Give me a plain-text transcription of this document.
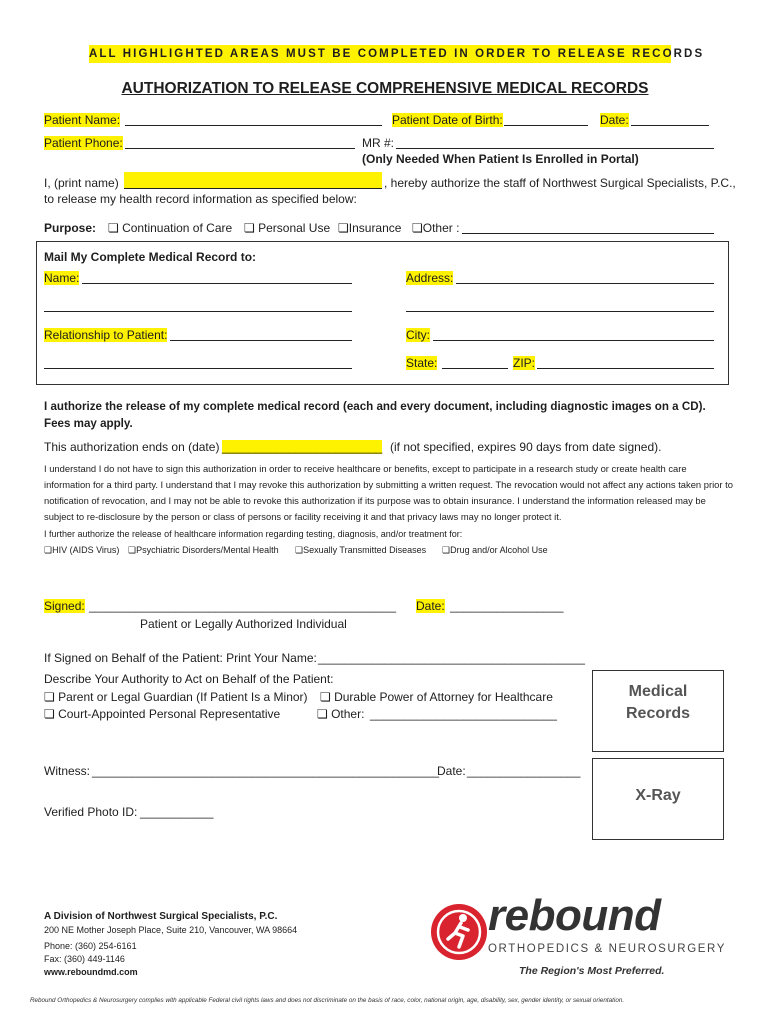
ALL HIGHLIGHTED AREAS MUST BE COMPLETED IN ORDER TO RELEASE RECORDS
AUTHORIZATION TO RELEASE COMPREHENSIVE MEDICAL RECORDS
Patient Name:	Patient Date of Birth:	Date:
Patient Phone:	MR #:
(Only Needed When Patient Is Enrolled in Portal)
I, (print name)	, hereby authorize the staff of Northwest Surgical Specialists, P.C.,
to release my health record information as specified below:
Purpose: ❏ Continuation of Care ❏ Personal Use ❏Insurance ❏Other :
Mail My Complete Medical Record to:
Name:	Address:
Relationship to Patient:	City:
State:	ZIP:
I authorize the release of my complete medical record (each and every document, including diagnostic images on a CD). Fees may apply.
This authorization ends on (date) ________________________ (if not specified, expires 90 days from date signed).
I understand I do not have to sign this authorization in order to receive healthcare or benefits, except to participate in a research study or create health care information for a third party. I understand that I may revoke this authorization by submitting a written request. The revocation would not affect any actions taken prior to notification of revocation, and I may not be able to revoke this authorization if its purpose was to obtain insurance. I understand the information released may be subject to re-disclosure by the person or class of persons or facility receiving it and that privacy laws may no longer protect it.
I further authorize the release of healthcare information regarding testing, diagnosis, and/or treatment for:
❏HIV (AIDS Virus) ❏Psychiatric Disorders/Mental Health ❏Sexually Transmitted Diseases ❏Drug and/or Alcohol Use
Signed: ______________________________________________ Date: _________________
Patient or Legally Authorized Individual
If Signed on Behalf of the Patient: Print Your Name: ________________________________________
Describe Your Authority to Act on Behalf of the Patient:
❏ Parent or Legal Guardian (If Patient Is a Minor) ❏ Durable Power of Attorney for Healthcare
❏ Court-Appointed Personal Representative	❏ Other: ____________________________
Witness: ____________________________________________________
Date: _________________
Verified Photo ID: ___________
Medical
Records
X-Ray
A Division of Northwest Surgical Specialists, P.C.
200 NE Mother Joseph Place, Suite 210, Vancouver, WA 98664
Phone: (360) 254-6161
Fax: (360) 449-1146
www.reboundmd.com
rebound
ORTHOPEDICS & NEUROSURGERY
The Region's Most Preferred.
Rebound Orthopedics & Neurosurgery complies with applicable Federal civil rights laws and does not discriminate on the basis of race, color, national origin, age, disability, sex, gender identity, or sexual orientation.
